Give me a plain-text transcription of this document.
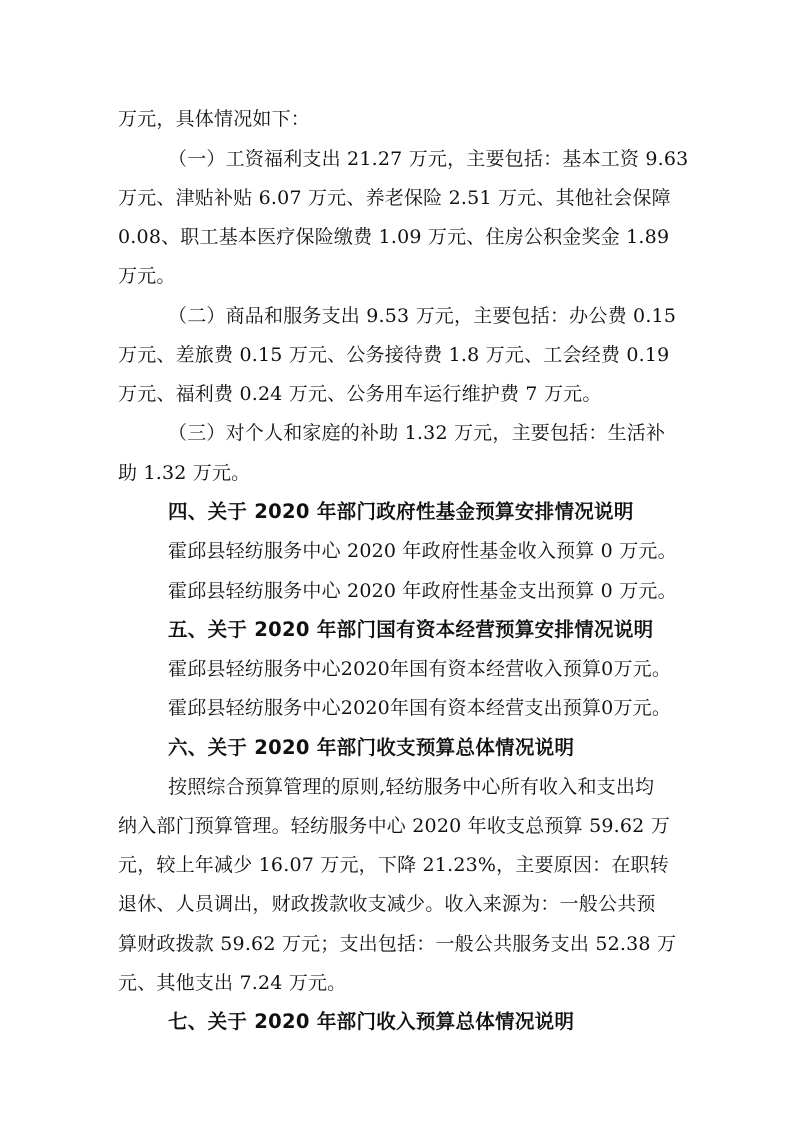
万元，具体情况如下：
（一）工资福利支出 21.27 万元，主要包括：基本工资 9.63
万元、津贴补贴 6.07 万元、养老保险 2.51 万元、其他社会保障
0.08、职工基本医疗保险缴费 1.09 万元、住房公积金奖金 1.89
万元。
（二）商品和服务支出 9.53 万元，主要包括：办公费 0.15
万元、差旅费 0.15 万元、公务接待费 1.8 万元、工会经费 0.19
万元、福利费 0.24 万元、公务用车运行维护费 7 万元。
（三）对个人和家庭的补助 1.32 万元，主要包括：生活补
助 1.32 万元。
四、关于 2020 年部门政府性基金预算安排情况说明
霍邱县轻纺服务中心 2020 年政府性基金收入预算 0 万元。
霍邱县轻纺服务中心 2020 年政府性基金支出预算 0 万元。
五、关于 2020 年部门国有资本经营预算安排情况说明
霍邱县轻纺服务中心2020年国有资本经营收入预算0万元。
霍邱县轻纺服务中心2020年国有资本经营支出预算0万元。
六、关于 2020 年部门收支预算总体情况说明
按照综合预算管理的原则,轻纺服务中心所有收入和支出均
纳入部门预算管理。轻纺服务中心 2020 年收支总预算 59.62 万
元，较上年减少 16.07 万元，下降 21.23%，主要原因：在职转
退休、人员调出，财政拨款收支减少。收入来源为：一般公共预
算财政拨款 59.62 万元；支出包括：一般公共服务支出 52.38 万
元、其他支出 7.24 万元。
七、关于 2020 年部门收入预算总体情况说明
